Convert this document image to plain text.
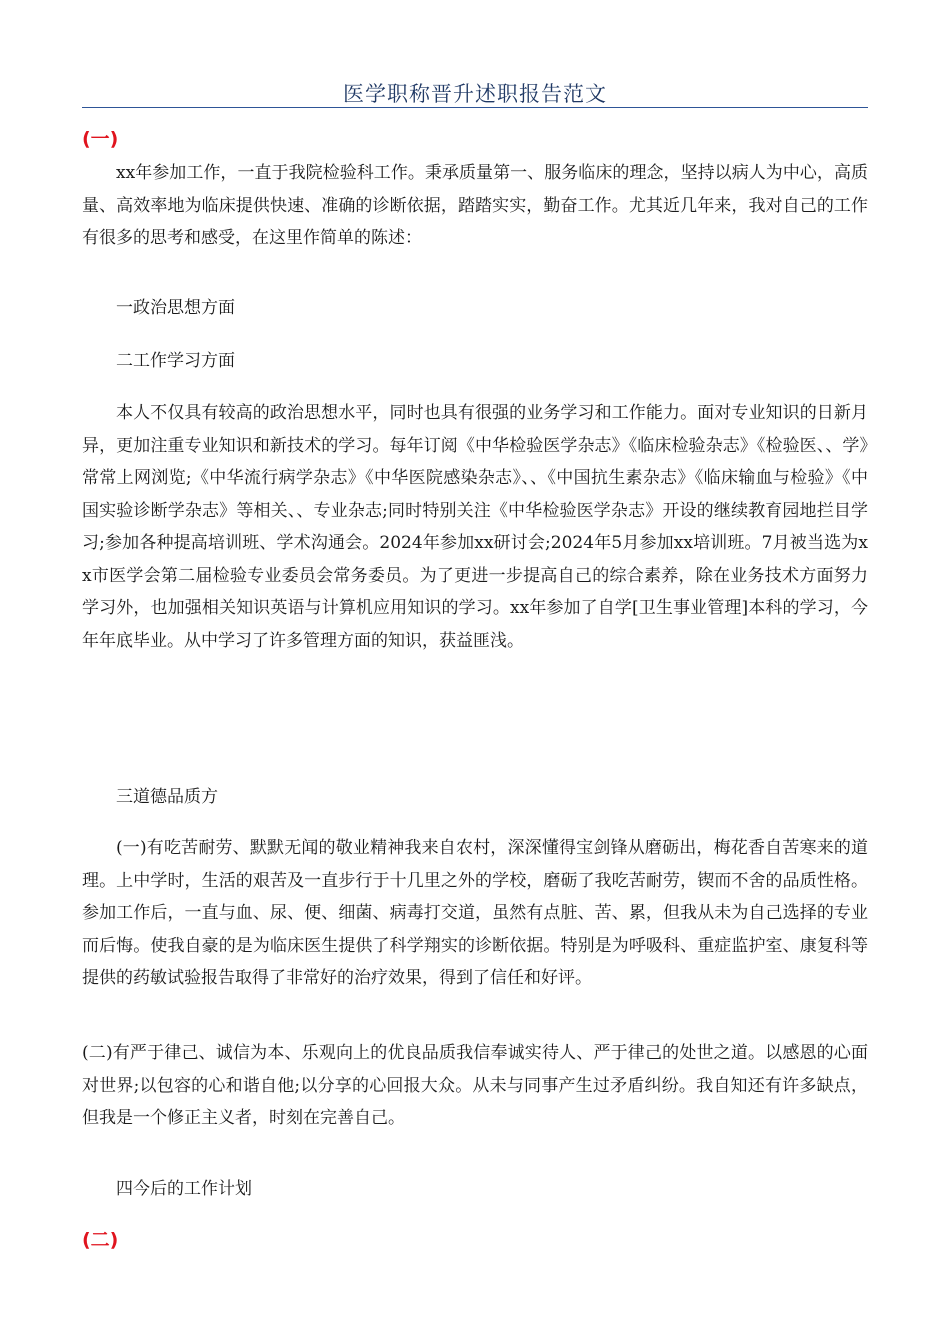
医学职称晋升述职报告范文
(一)

xx年参加工作，一直于我院检验科工作。秉承质量第一、服务临床的理念，坚持以病人为中心，高质量、高效率地为临床提供快速、准确的诊断依据，踏踏实实，勤奋工作。尤其近几年来，我对自己的工作有很多的思考和感受，在这里作简单的陈述：

一政治思想方面

二工作学习方面

本人不仅具有较高的政治思想水平，同时也具有很强的业务学习和工作能力。面对专业知识的日新月异，更加注重专业知识和新技术的学习。每年订阅《中华检验医学杂志》《临床检验杂志》《检验医、、学》常常上网浏览;《中华流行病学杂志》《中华医院感染杂志》、、《中国抗生素杂志》《临床输血与检验》《中国实验诊断学杂志》等相关、、专业杂志;同时特别关注《中华检验医学杂志》开设的继续教育园地拦目学习;参加各种提高培训班、学术沟通会。2024年参加xx研讨会;2024年5月参加xx培训班。7月被当选为xx市医学会第二届检验专业委员会常务委员。为了更进一步提高自己的综合素养，除在业务技术方面努力学习外，也加强相关知识英语与计算机应用知识的学习。xx年参加了自学[卫生事业管理]本科的学习，今年年底毕业。从中学习了许多管理方面的知识，获益匪浅。

三道德品质方

(一)有吃苦耐劳、默默无闻的敬业精神我来自农村，深深懂得宝剑锋从磨砺出，梅花香自苦寒来的道理。上中学时，生活的艰苦及一直步行于十几里之外的学校，磨砺了我吃苦耐劳，锲而不舍的品质性格。参加工作后，一直与血、尿、便、细菌、病毒打交道，虽然有点脏、苦、累，但我从未为自己选择的专业而后悔。使我自豪的是为临床医生提供了科学翔实的诊断依据。特别是为呼吸科、重症监护室、康复科等提供的药敏试验报告取得了非常好的治疗效果，得到了信任和好评。

(二)有严于律己、诚信为本、乐观向上的优良品质我信奉诚实待人、严于律己的处世之道。以感恩的心面对世界;以包容的心和谐自他;以分享的心回报大众。从未与同事产生过矛盾纠纷。我自知还有许多缺点，但我是一个修正主义者，时刻在完善自己。

四今后的工作计划

(二)
